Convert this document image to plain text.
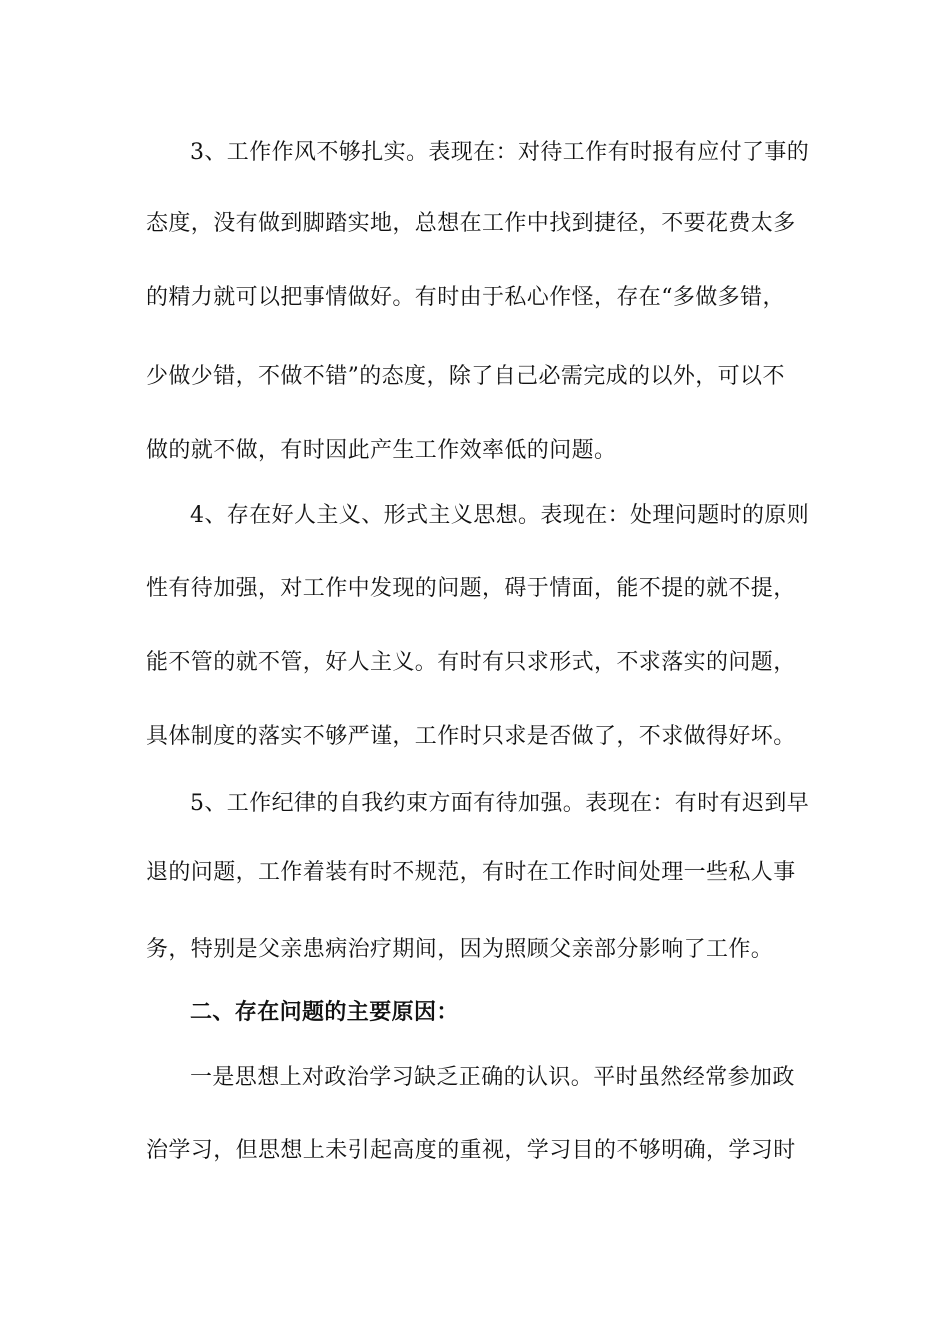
3、工作作风不够扎实。表现在：对待工作有时报有应付了事的
态度，没有做到脚踏实地，总想在工作中找到捷径，不要花费太多
的精力就可以把事情做好。有时由于私心作怪，存在“多做多错，
少做少错，不做不错”的态度，除了自己必需完成的以外，可以不
做的就不做，有时因此产生工作效率低的问题。
4、存在好人主义、形式主义思想。表现在：处理问题时的原则
性有待加强，对工作中发现的问题，碍于情面，能不提的就不提，
能不管的就不管，好人主义。有时有只求形式，不求落实的问题，
具体制度的落实不够严谨，工作时只求是否做了，不求做得好坏。
5、工作纪律的自我约束方面有待加强。表现在：有时有迟到早
退的问题，工作着装有时不规范，有时在工作时间处理一些私人事
务，特别是父亲患病治疗期间，因为照顾父亲部分影响了工作。
二、存在问题的主要原因：
一是思想上对政治学习缺乏正确的认识。平时虽然经常参加政
治学习，但思想上未引起高度的重视，学习目的不够明确，学习时
